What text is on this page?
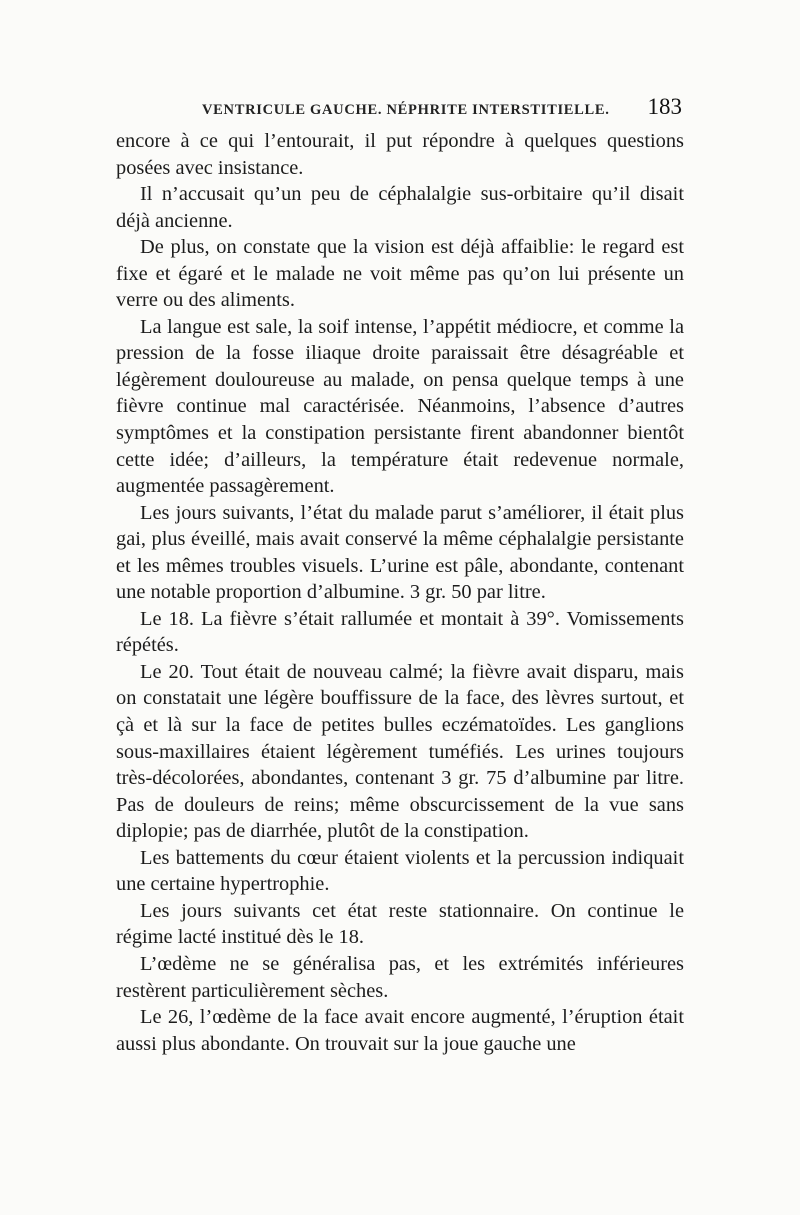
VENTRICULE GAUCHE. NÉPHRITE INTERSTITIELLE. 183

encore à ce qui l’entourait, il put répondre à quelques questions posées avec insistance.

Il n’accusait qu’un peu de céphalalgie sus-orbitaire qu’il disait déjà ancienne.

De plus, on constate que la vision est déjà affaiblie: le regard est fixe et égaré et le malade ne voit même pas qu’on lui présente un verre ou des aliments.

La langue est sale, la soif intense, l’appétit médiocre, et comme la pression de la fosse iliaque droite paraissait être désagréable et légèrement douloureuse au malade, on pensa quelque temps à une fièvre continue mal caractérisée. Néanmoins, l’absence d’autres symptômes et la constipation persistante firent abandonner bientôt cette idée; d’ailleurs, la température était redevenue normale, augmentée passagèrement.

Les jours suivants, l’état du malade parut s’améliorer, il était plus gai, plus éveillé, mais avait conservé la même céphalalgie persistante et les mêmes troubles visuels. L’urine est pâle, abondante, contenant une notable proportion d’albumine. 3 gr. 50 par litre.

Le 18. La fièvre s’était rallumée et montait à 39°. Vomissements répétés.

Le 20. Tout était de nouveau calmé; la fièvre avait disparu, mais on constatait une légère bouffissure de la face, des lèvres surtout, et çà et là sur la face de petites bulles eczématoïdes. Les ganglions sous-maxillaires étaient légèrement tuméfiés. Les urines toujours très-décolorées, abondantes, contenant 3 gr. 75 d’albumine par litre. Pas de douleurs de reins; même obscurcissement de la vue sans diplopie; pas de diarrhée, plutôt de la constipation.

Les battements du cœur étaient violents et la percussion indiquait une certaine hypertrophie.

Les jours suivants cet état reste stationnaire. On continue le régime lacté institué dès le 18.

L’œdème ne se généralisa pas, et les extrémités inférieures restèrent particulièrement sèches.

Le 26, l’œdème de la face avait encore augmenté, l’éruption était aussi plus abondante. On trouvait sur la joue gauche une
